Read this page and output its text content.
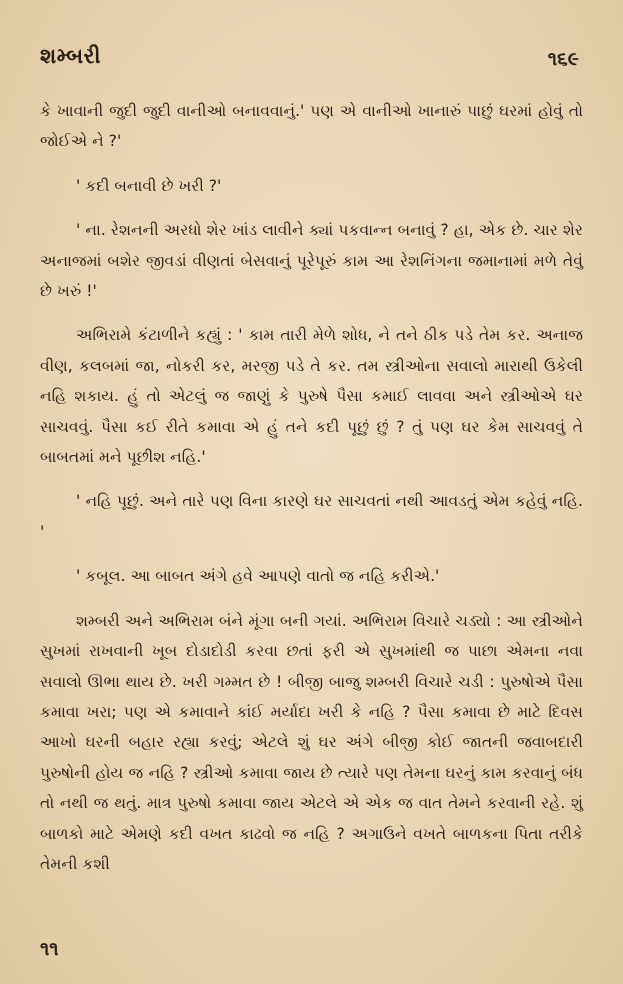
શમ્બરી	૧૬૯

કે ખાવાની જુદી જુદી વાનીઓ બનાવવાનું.' પણ એ વાનીઓ ખાનારું પાછું ઘરમાં હોવું તો જોઈએ ને ?'

' કદી બનાવી છે ખરી ?'

' ના. રેશનની અરધો શેર ખાંડ લાવીને ક્યાં પકવાન્ન બનાવું ? હા, એક છે. ચાર શેર અનાજમાં બશેર જીવડાં વીણતાં બેસવાનું પૂરેપૂરું કામ આ રેશનિંગના જમાનામાં મળે તેવું છે ખરું !'

અભિરામે કંટાળીને કહ્યું : ' કામ તારી મેળે શોધ, ને તને ઠીક પડે તેમ કર. અનાજ વીણ, કલબમાં જા, નોકરી કર, મરજી પડે તે કર. તમ સ્ત્રીઓના સવાલો મારાથી ઉકેલી નહિ શકાય. હું તો એટલું જ જાણું કે પુરુષે પૈસા કમાઈ લાવવા અને સ્ત્રીઓએ ઘર સાચવવું. પૈસા કઈ રીતે કમાવા એ હું તને કદી પૂછું છું ? તું પણ ઘર કેમ સાચવવું તે બાબતમાં મને પૂછીશ નહિ.'

' નહિ પૂછું. અને તારે પણ વિના કારણે ઘર સાચવતાં નથી આવડતું એમ કહેવું નહિ. '

' કબૂલ. આ બાબત અંગે હવે આપણે વાતો જ નહિ કરીએ.'

શમ્બરી અને અભિરામ બંને મૂંગા બની ગયાં. અભિરામ વિચારે ચડ્યો : આ સ્ત્રીઓને સુખમાં રાખવાની ખૂબ દોડાદોડી કરવા છતાં ફરી એ સુખમાંથી જ પાછા એમના નવા સવાલો ઊભા થાય છે. ખરી ગમ્મત છે ! બીજી બાજુ શમ્બરી વિચારે ચડી : પુરુષોએ પૈસા કમાવા ખરા; પણ એ કમાવાને કાંઈ મર્યાદા ખરી કે નહિ ? પૈસા કમાવા છે માટે દિવસ આખો ઘરની બહાર રહ્યા કરવું; એટલે શું ઘર અંગે બીજી કોઈ જાતની જવાબદારી પુરુષોની હોય જ નહિ ? સ્ત્રીઓ કમાવા જાય છે ત્યારે પણ તેમના ઘરનું કામ કરવાનું બંધ તો નથી જ થતું. માત્ર પુરુષો કમાવા જાય એટલે એ એક જ વાત તેમને કરવાની રહે. શું બાળકો માટે એમણે કદી વખત કાઢવો જ નહિ ? અગાઉને વખતે બાળકના પિતા તરીકે તેમની કશી

૧૧
